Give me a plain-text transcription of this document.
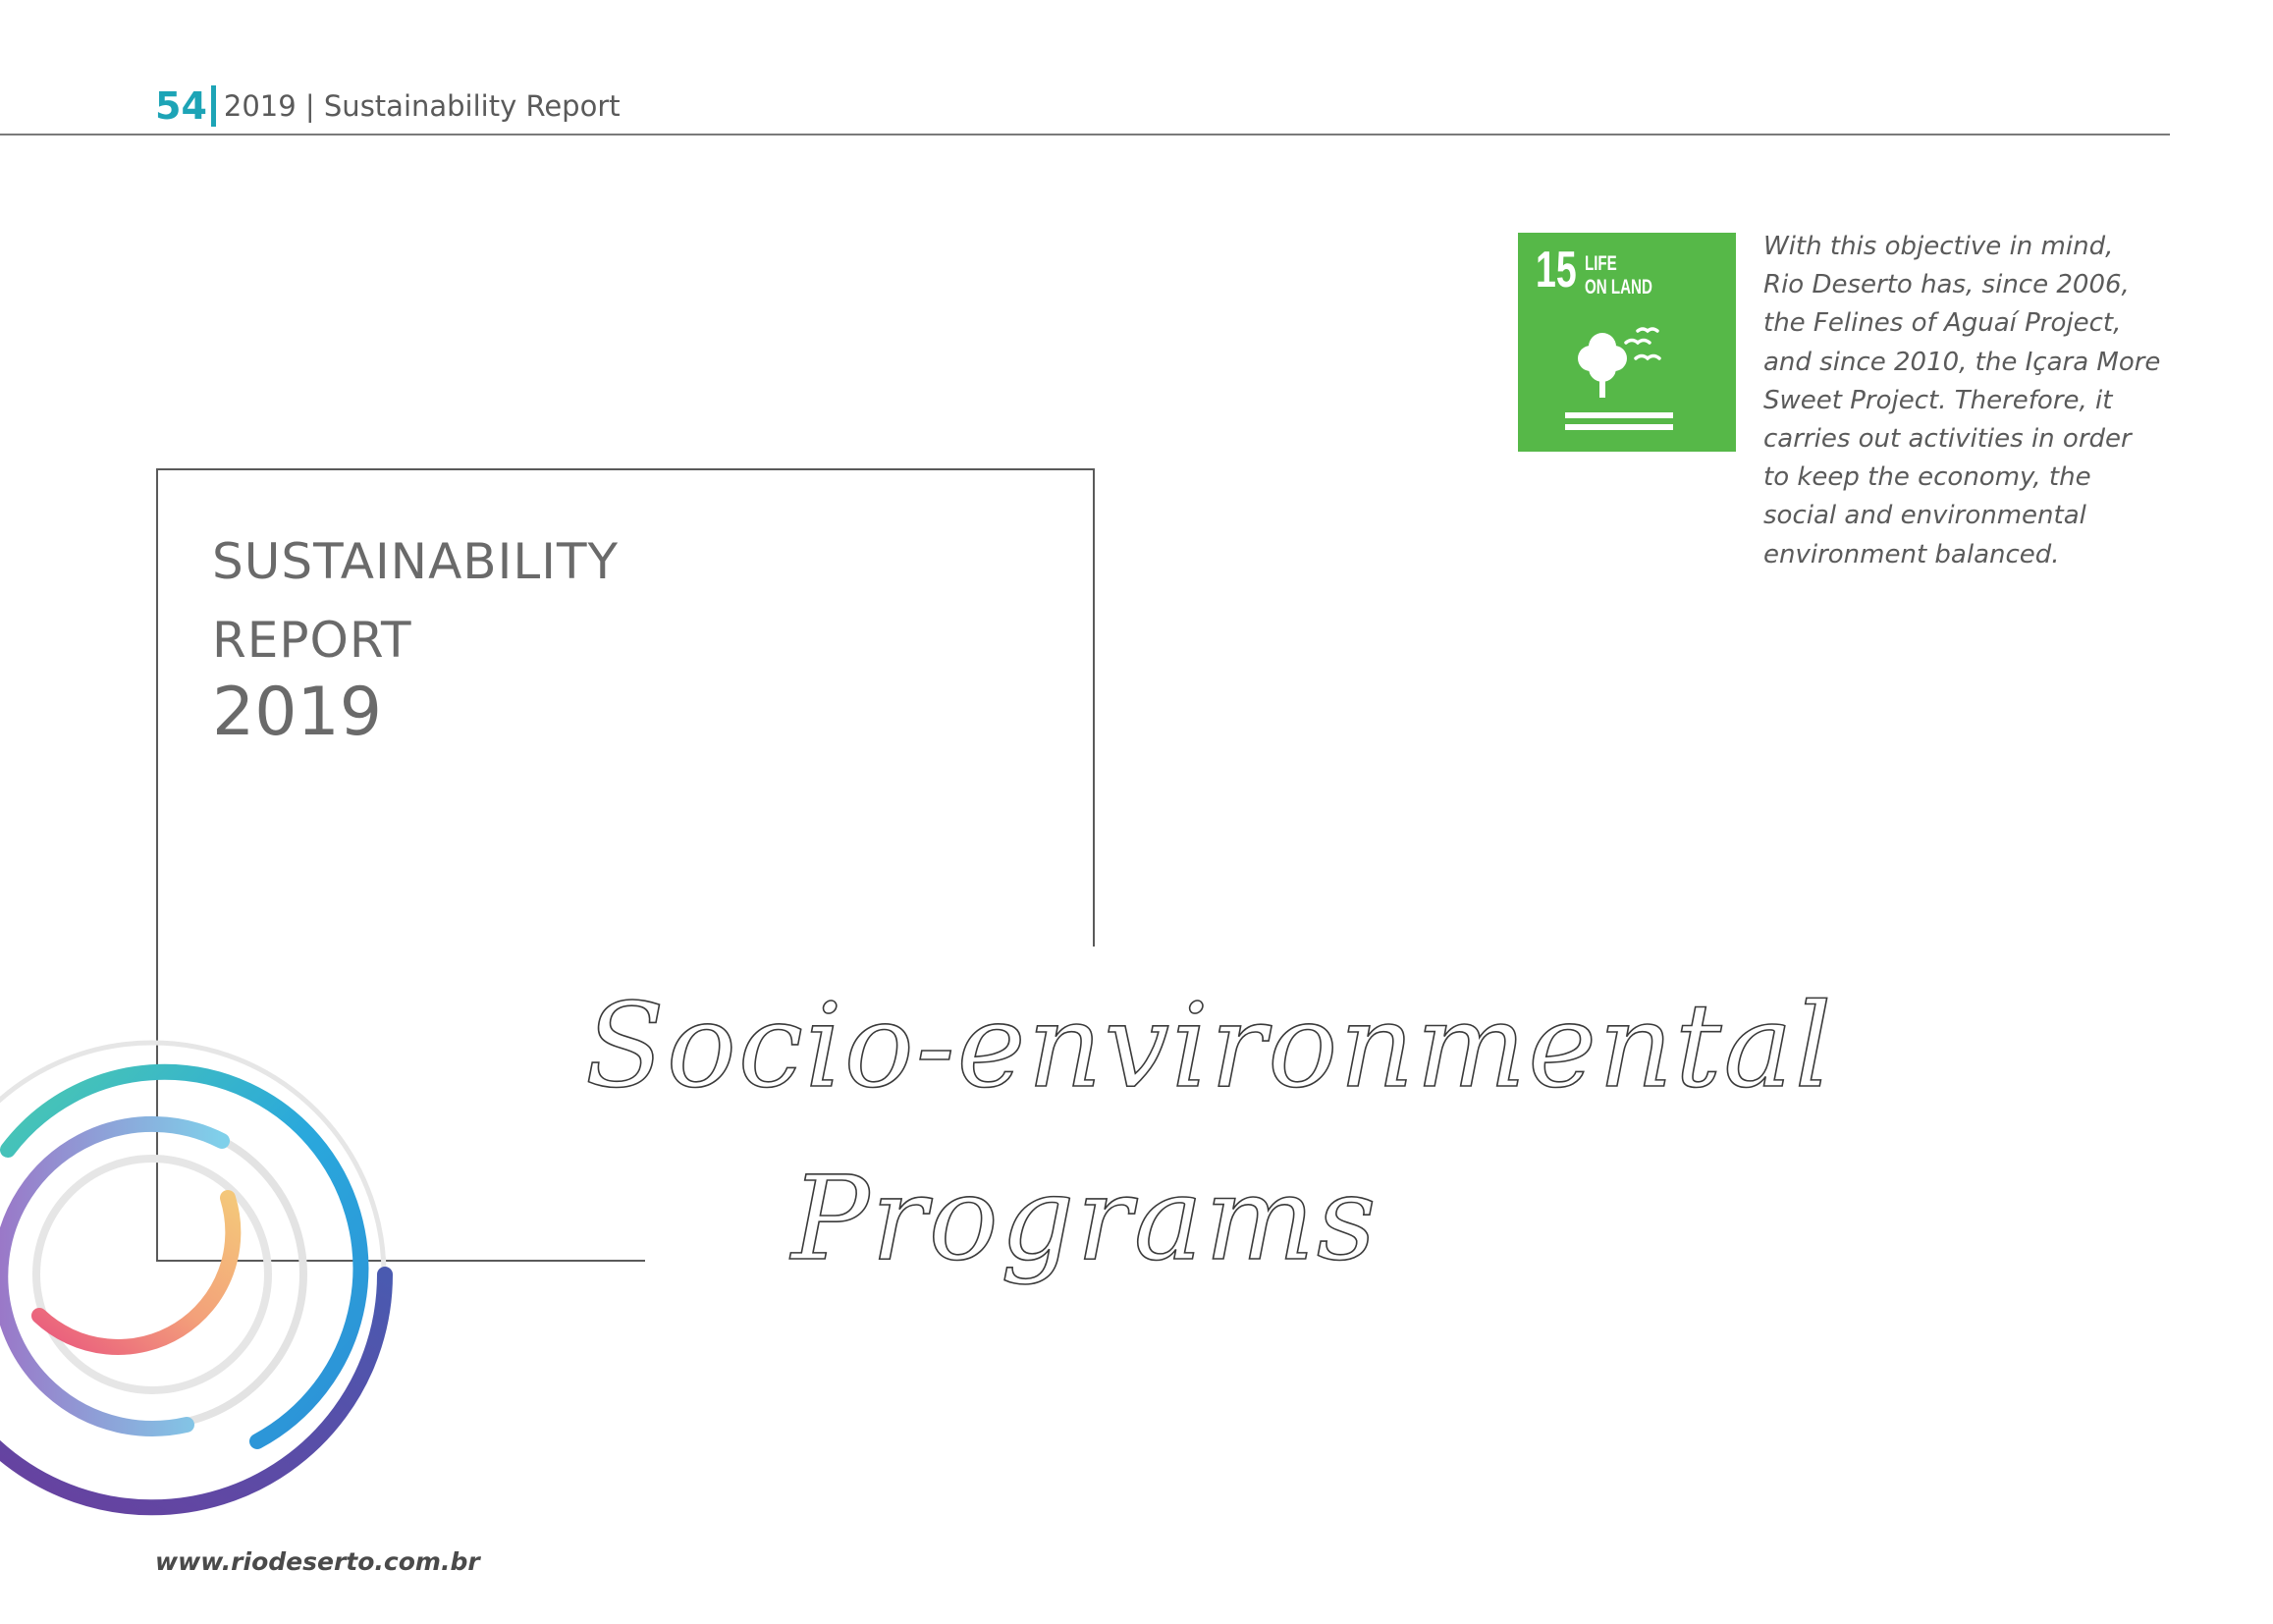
54 2019 | Sustainability Report
SUSTAINABILITY
REPORT
2019
15 LIFE
ON LAND
With this objective in mind,
Rio Deserto has, since 2006,
the Felines of Aguaí Project,
and since 2010, the Içara More
Sweet Project. Therefore, it
carries out activities in order
to keep the economy, the
social and environmental
environment balanced.
Socio-environmental
Programs
www.riodeserto.com.br
